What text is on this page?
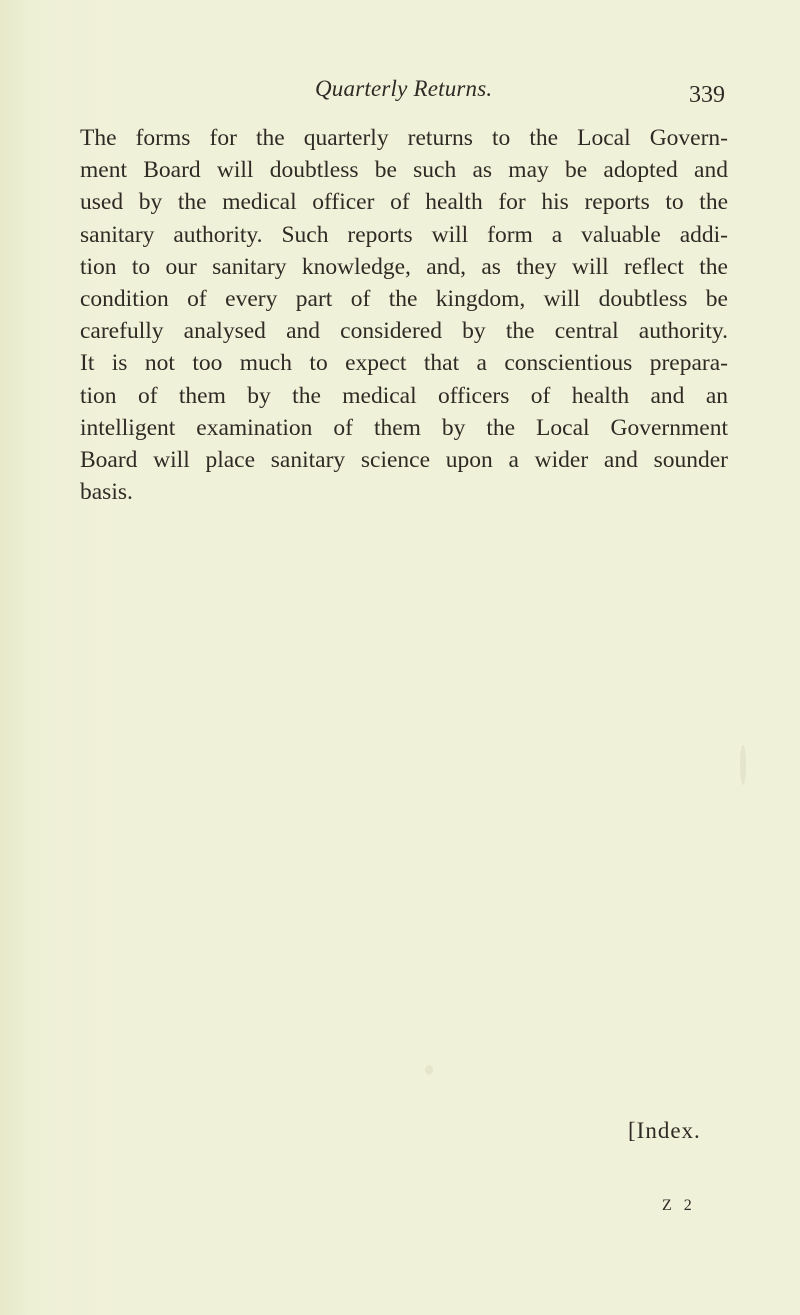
Quarterly Returns.	339
The forms for the quarterly returns to the Local Govern-
ment Board will doubtless be such as may be adopted and
used by the medical officer of health for his reports to the
sanitary authority. Such reports will form a valuable addi-
tion to our sanitary knowledge, and, as they will reflect the
condition of every part of the kingdom, will doubtless be
carefully analysed and considered by the central authority.
It is not too much to expect that a conscientious prepara-
tion of them by the medical officers of health and an
intelligent examination of them by the Local Government
Board will place sanitary science upon a wider and sounder
basis.
[Index.
Z 2
